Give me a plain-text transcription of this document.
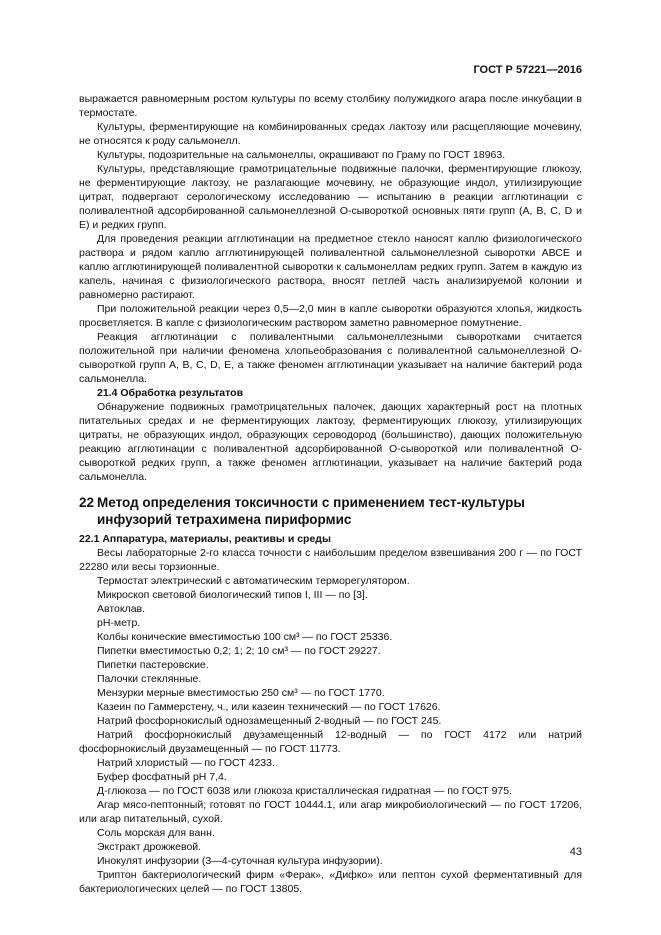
ГОСТ Р 57221—2016

выражается равномерным ростом культуры по всему столбику полужидкого агара после инкубации в термостате.

Культуры, ферментирующие на комбинированных средах лактозу или расщепляющие мочевину, не относятся к роду сальмонелл.

Культуры, подозрительные на сальмонеллы, окрашивают по Граму по ГОСТ 18963.

Культуры, представляющие грамотрицательные подвижные палочки, ферментирующие глюкозу, не ферментирующие лактозу, не разлагающие мочевину, не образующие индол, утилизирующие цитрат, подвергают серологическому исследованию — испытанию в реакции агглютинации с поливалентной адсорбированной сальмонеллезной О-сывороткой основных пяти групп (А, В, С, D и Е) и редких групп.

Для проведения реакции агглютинации на предметное стекло наносят каплю физиологического раствора и рядом каплю агглютинирующей поливалентной сальмонеллезной сыворотки АВСЕ и каплю агглютинирующей поливалентной сыворотки к сальмонеллам редких групп. Затем в каждую из капель, начиная с физиологического раствора, вносят петлей часть анализируемой колонии и равномерно растирают.

При положительной реакции через 0,5—2,0 мин в капле сыворотки образуются хлопья, жидкость просветляется. В капле с физиологическим раствором заметно равномерное помутнение.

Реакция агглютинации с поливалентными сальмонеллезными сыворотками считается положительной при наличии феномена хлопьеобразования с поливалентной сальмонеллезной О-сывороткой групп А, В, С, D, Е, а также феномен агглютинации указывает на наличие бактерий рода сальмонелла.

21.4 Обработка результатов

Обнаружение подвижных грамотрицательных палочек, дающих характерный рост на плотных питательных средах и не ферментирующих лактозу, ферментирующих глюкозу, утилизирующих цитраты, не образующих индол, образующих сероводород (большинство), дающих положительную реакцию агглютинации с поливалентной адсорбированной О-сывороткой или поливалентной О-сывороткой редких групп, а также феномен агглютинации, указывает на наличие бактерий рода сальмонелла.

22 Метод определения токсичности с применением тест-культуры инфузорий тетрахимена пириформис

22.1 Аппаратура, материалы, реактивы и среды

Весы лабораторные 2-го класса точности с наибольшим пределом взвешивания 200 г — по ГОСТ 22280 или весы торзионные.

Термостат электрический с автоматическим терморегулятором.

Микроскоп световой биологический типов I, III — по [3].

Автоклав.

рН-метр.

Колбы конические вместимостью 100 см³ — по ГОСТ 25336.

Пипетки вместимостью 0,2; 1; 2; 10 см³ — по ГОСТ 29227.

Пипетки пастеровские.

Палочки стеклянные.

Мензурки мерные вместимостью 250 см³ — по ГОСТ 1770.

Казеин по Гаммерстену, ч., или казеин технический — по ГОСТ 17626.

Натрий фосфорнокислый однозамещенный 2-водный — по ГОСТ 245.

Натрий фосфорнокислый двузамещенный 12-водный — по ГОСТ 4172 или натрий фосфорнокислый двузамещенный — по ГОСТ 11773.

Натрий хлористый — по ГОСТ 4233.

Буфер фосфатный рН 7,4.

Д-глюкоза — по ГОСТ 6038 или глюкоза кристаллическая гидратная — по ГОСТ 975.

Агар мясо-пептонный; готовят по ГОСТ 10444.1, или агар микробиологический — по ГОСТ 17206, или агар питательный, сухой.

Соль морская для ванн.

Экстракт дрожжевой.

Инокулят инфузории (3—4-суточная культура инфузории).

Триптон бактериологический фирм «Ферак», «Дифко» или пептон сухой ферментативный для бактериологических целей — по ГОСТ 13805.

43
